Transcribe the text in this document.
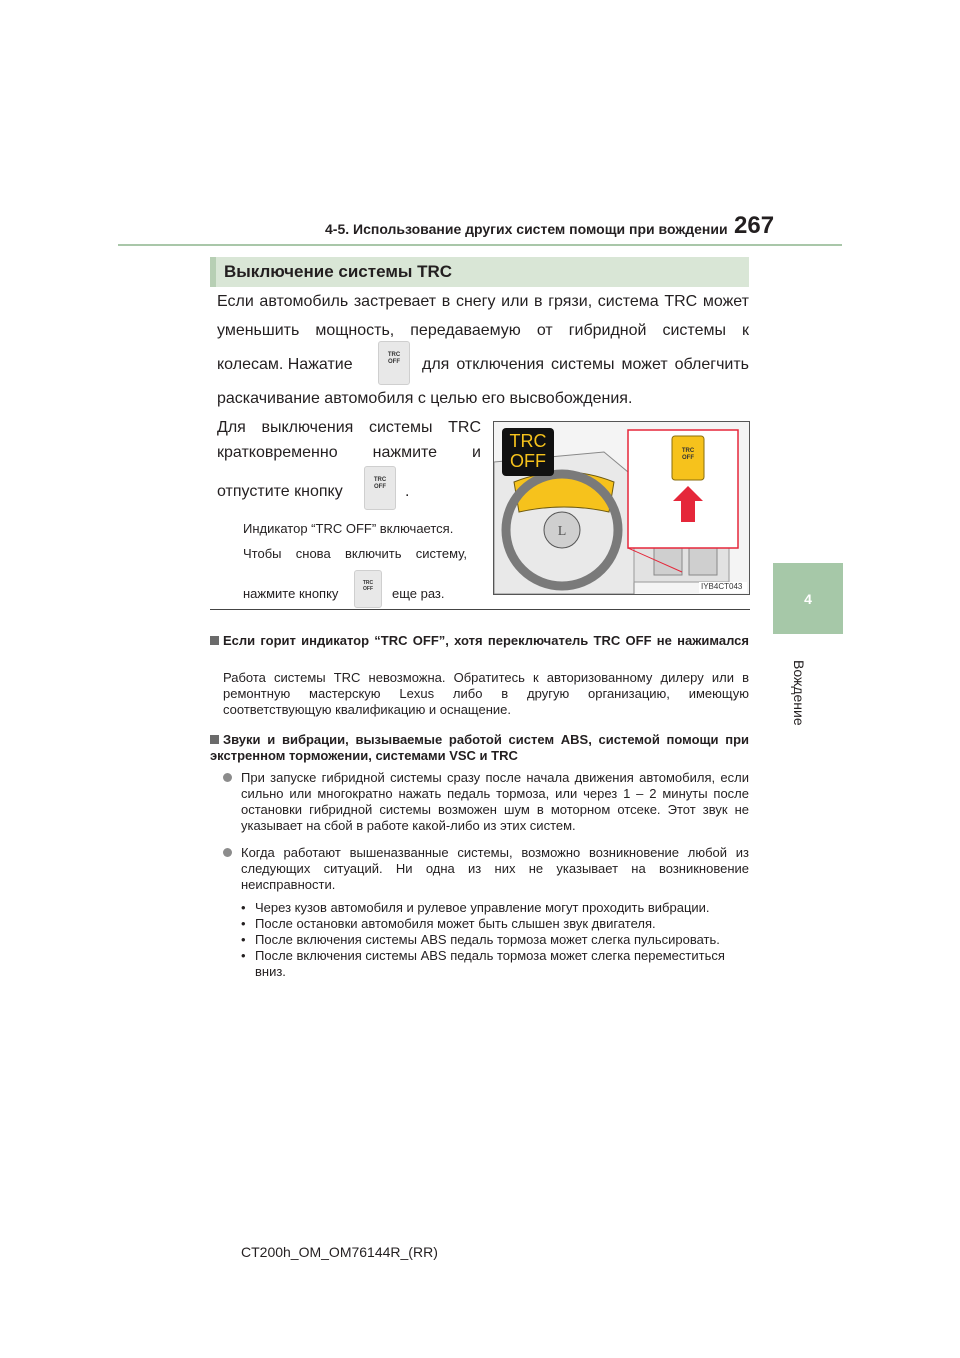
4-5. Использование других систем помощи при вождении 267
4
Вождение
Выключение системы TRC
Если автомобиль застревает в снегу или в грязи, система TRC может
уменьшить мощность, передаваемую от гибридной системы к
колесам. Нажатие
TRC
OFF	для отключения системы может облегчить
раскачивание автомобиля с целью его высвобождения.
Для выключения системы TRC
кратковременно нажмите и
отпустите кнопку
TRC
OFF	.
Индикатор “TRC OFF” включается.
Чтобы снова включить систему,
нажмите кнопку
TRC
OFF	еще раз.
L
TRC
OFF	TRC
OFF
IYB4CT043
Если горит индикатор “TRC OFF”, хотя переключатель TRC OFF не нажимался
Работа системы TRC невозможна. Обратитесь к авторизованному дилеру или в ремонтную мастерскую Lexus либо в другую организацию, имеющую соответствующую квалификацию и оснащение.
Звуки и вибрации, вызываемые работой систем ABS, системой помощи при экстренном торможении, системами VSC и TRC
При запуске гибридной системы сразу после начала движения автомобиля, если сильно или многократно нажать педаль тормоза, или через 1 – 2 минуты после остановки гибридной системы возможен шум в моторном отсеке. Этот звук не указывает на сбой в работе какой-либо из этих систем.
Когда работают вышеназванные системы, возможно возникновение любой из следующих ситуаций. Ни одна из них не указывает на возникновение неисправности.
• Через кузов автомобиля и рулевое управление могут проходить вибрации.
• После остановки автомобиля может быть слышен звук двигателя.
• После включения системы ABS педаль тормоза может слегка пульсировать.
• После включения системы ABS педаль тормоза может слегка переместиться вниз.
CT200h_OM_OM76144R_(RR)
